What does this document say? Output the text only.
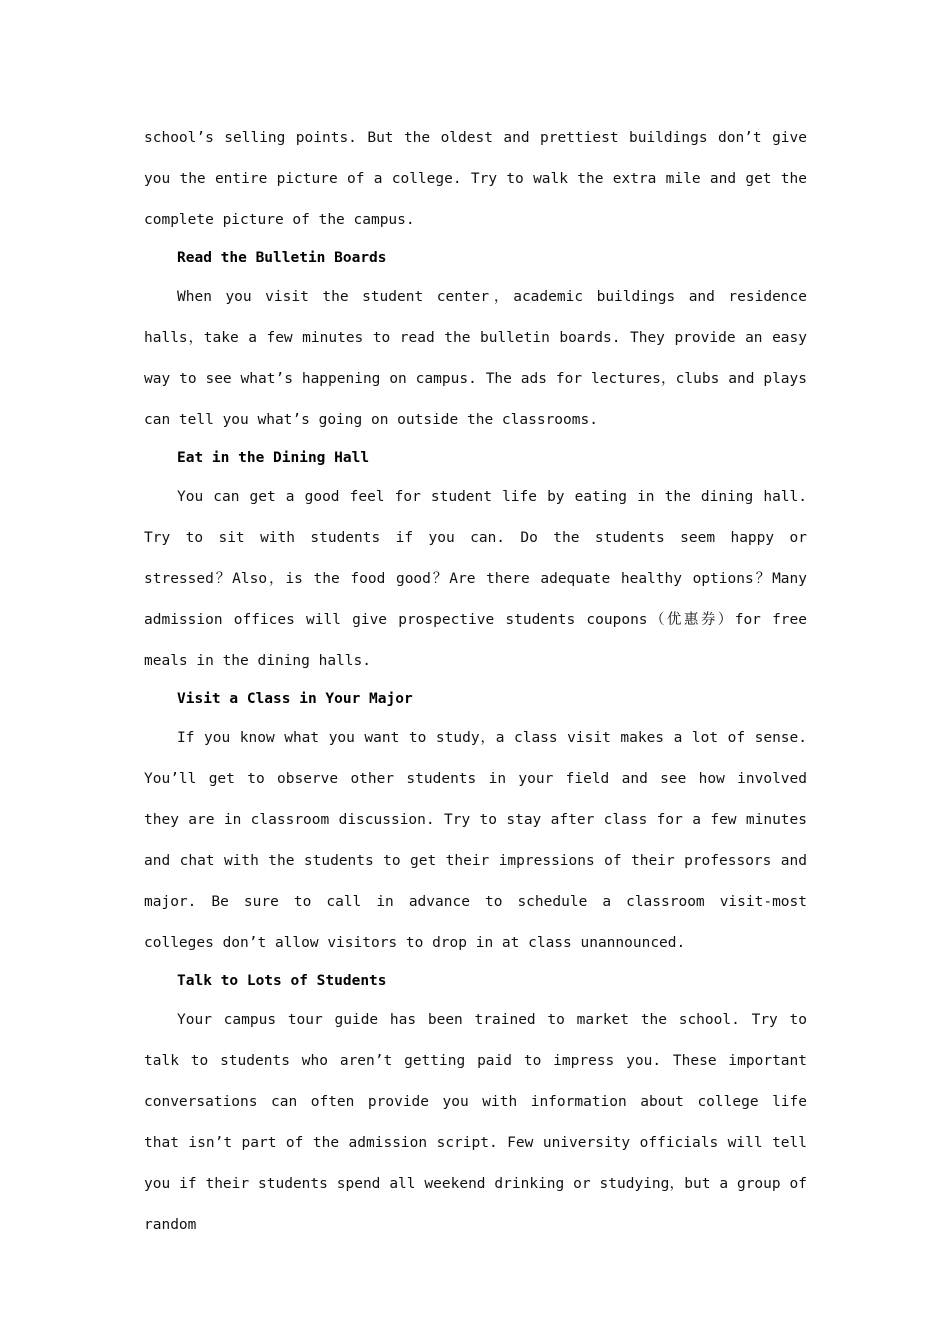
school’s selling points. But the oldest and prettiest buildings don’t give you the entire picture of a college. Try to walk the extra mile and get the complete picture of the campus.

Read the Bulletin Boards

When you visit the student center，academic buildings and residence halls，take a few minutes to read the bulletin boards. They provide an easy way to see what’s happening on campus. The ads for lectures，clubs and plays can tell you what’s going on outside the classrooms.

Eat in the Dining Hall

You can get a good feel for student life by eating in the dining hall. Try to sit with students if you can. Do the students seem happy or stressed？Also，is the food good？Are there adequate healthy options？Many admission offices will give prospective students coupons（优惠券）for free meals in the dining halls.

Visit a Class in Your Major

If you know what you want to study，a class visit makes a lot of sense. You’ll get to observe other students in your field and see how involved they are in classroom discussion. Try to stay after class for a few minutes and chat with the students to get their impressions of their professors and major. Be sure to call in advance to schedule a classroom visit-most colleges don’t allow visitors to drop in at class unannounced.

Talk to Lots of Students

Your campus tour guide has been trained to market the school. Try to talk to students who aren’t getting paid to impress you. These important conversations can often provide you with information about college life that isn’t part of the admission script. Few university officials will tell you if their students spend all weekend drinking or studying，but a group of random
